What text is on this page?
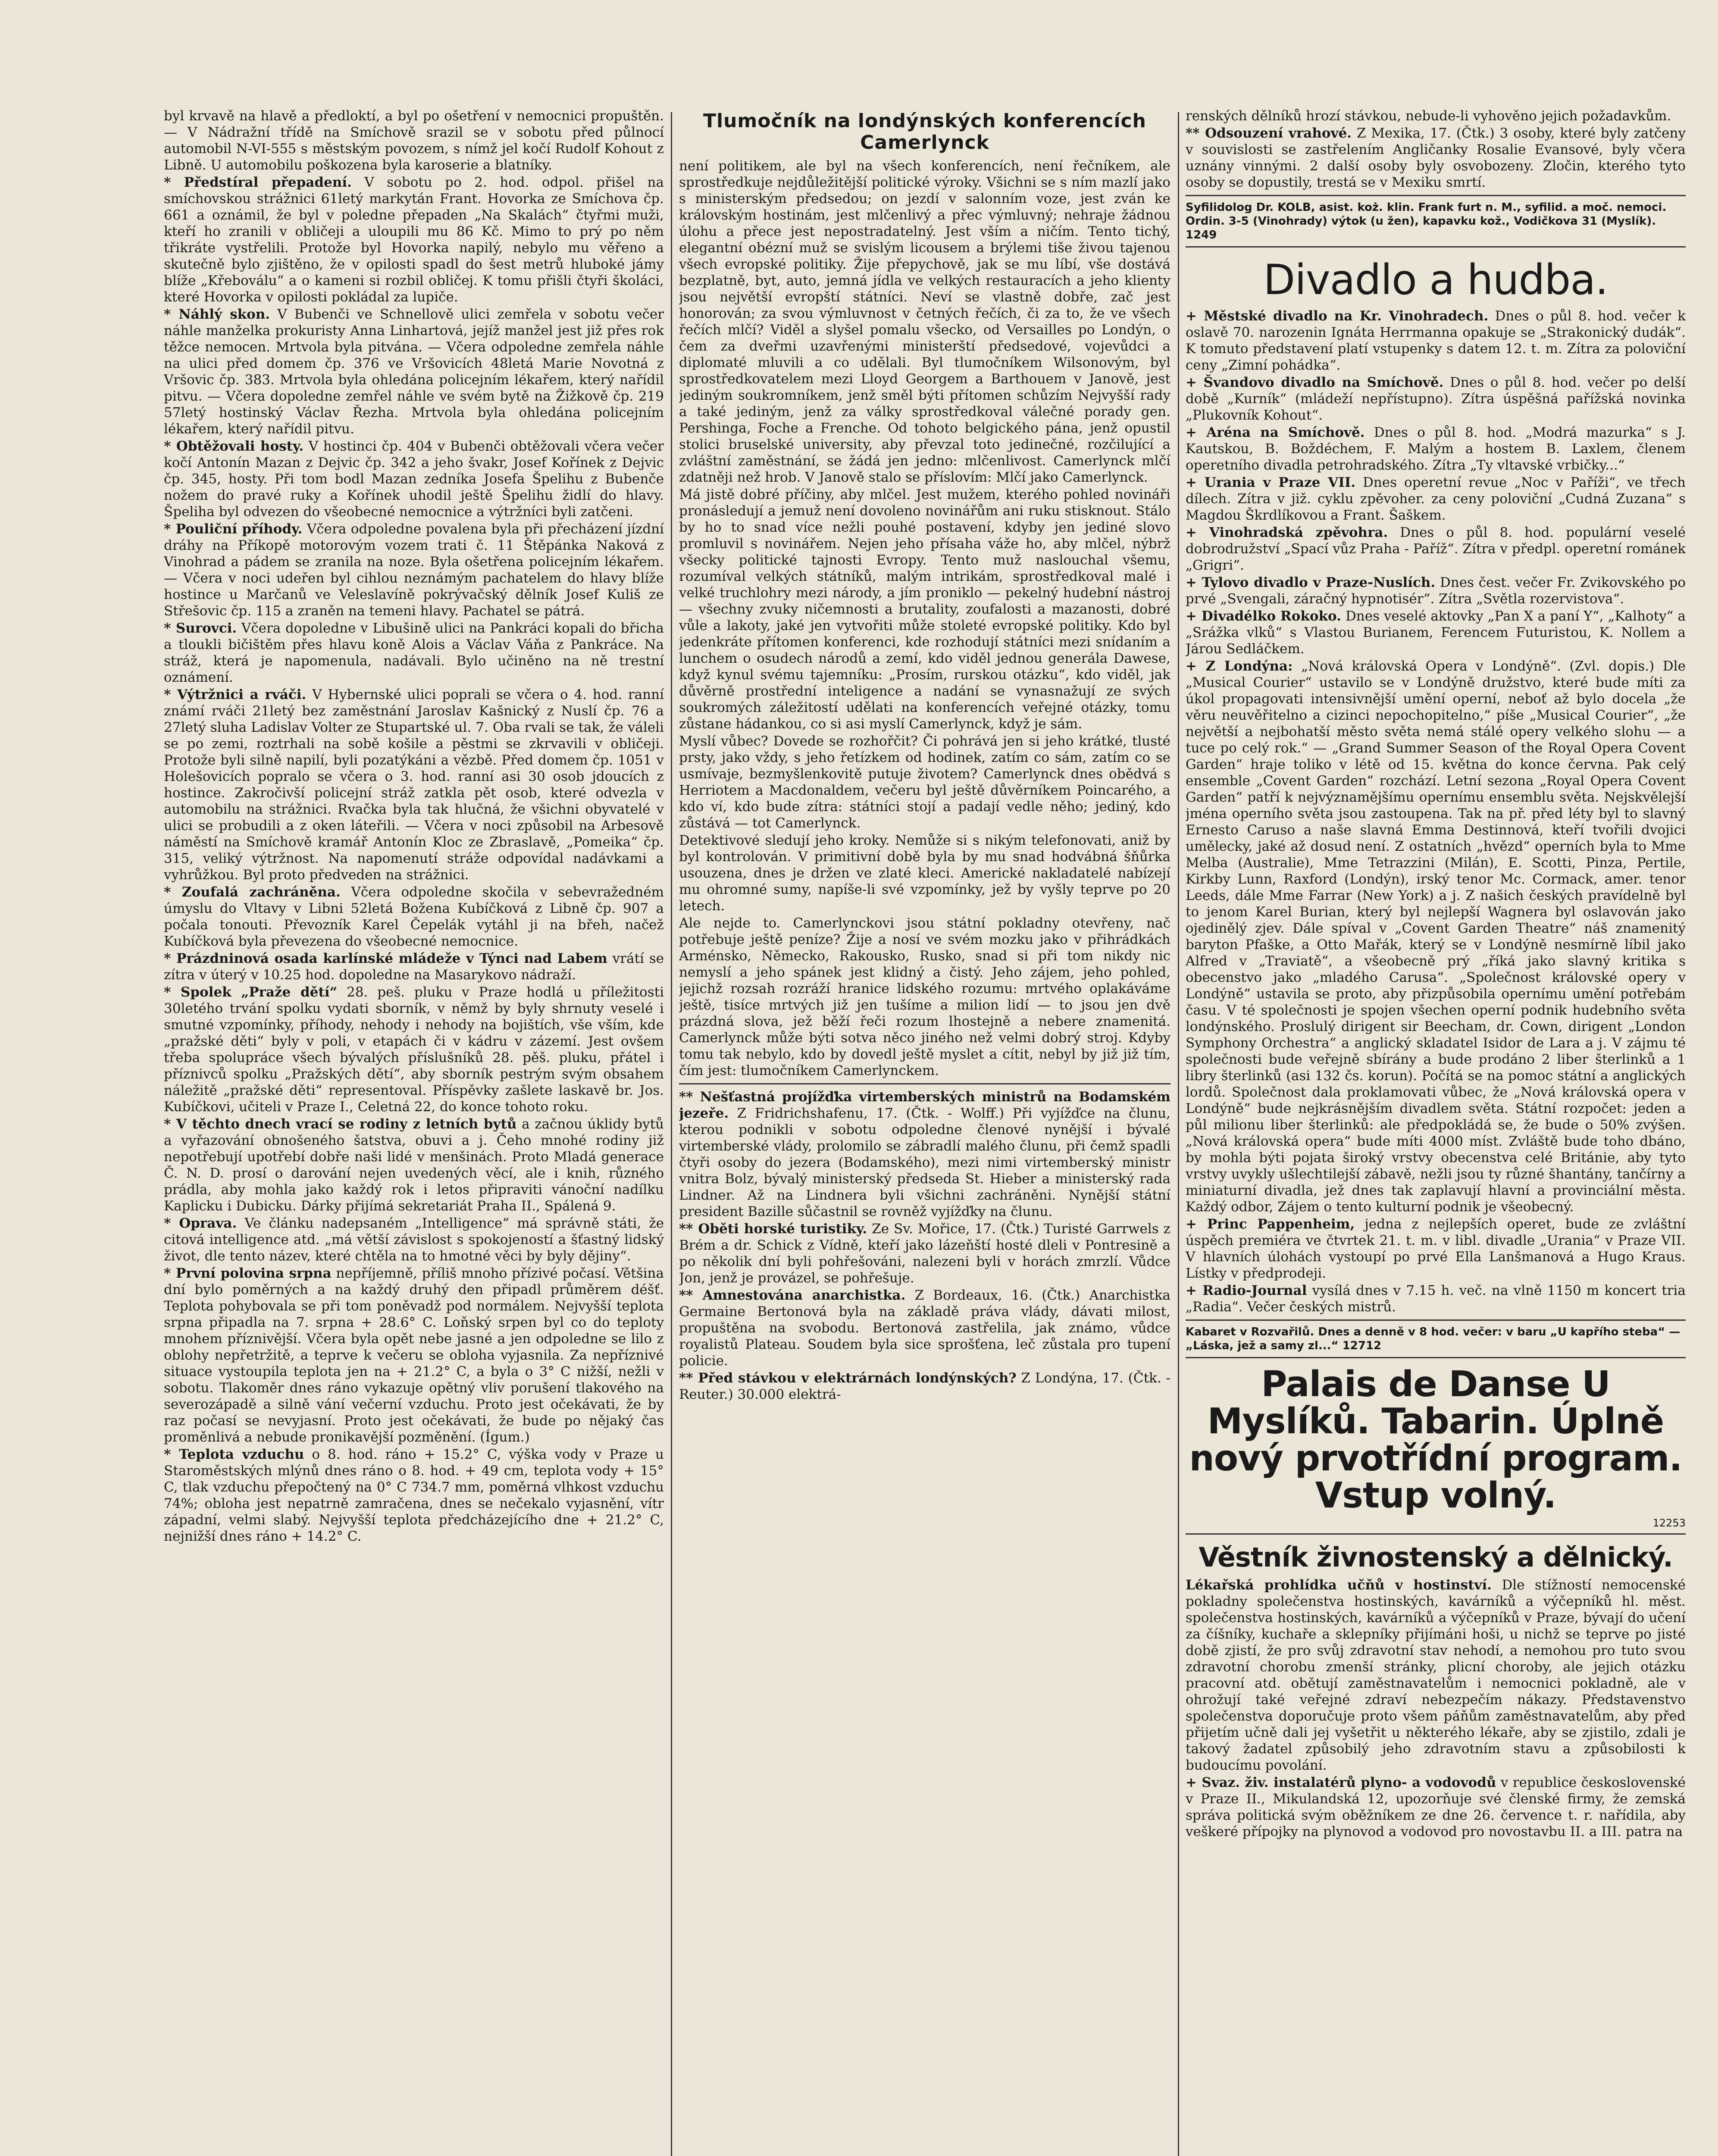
byl krvavě na hlavě a předloktí, a byl po ošetření v nemocnici propuštěn. — V Nádražní třídě na Smíchově srazil se v sobotu před půlnocí automobil N-VI-555 s městským povozem, s nímž jel kočí Rudolf Kohout z Libně. U automobilu poškozena byla karoserie a blatníky.

* Předstíral přepadení. V sobotu po 2. hod. odpol. přišel na smíchovskou strážnici 61letý markytán Frant. Hovorka ze Smíchova čp. 661 a oznámil, že byl v poledne přepaden „Na Skalách“ čtyřmi muži, kteří ho zranili v obličeji a uloupili mu 86 Kč. Mimo to prý po něm třikráte vystřelili. Protože byl Hovorka napilý, nebylo mu věřeno a skutečně bylo zjištěno, že v opilosti spadl do šest metrů hluboké jámy blíže „Křeboválu“ a o kameni si rozbil obličej. K tomu přišli čtyři školáci, které Hovorka v opilosti pokládal za lupiče.

* Náhlý skon. V Bubenči ve Schnellově ulici zemřela v sobotu večer náhle manželka prokuristy Anna Linhartová, jejíž manžel jest již přes rok těžce nemocen. Mrtvola byla pitvána. — Včera odpoledne zemřela náhle na ulici před domem čp. 376 ve Vršovicích 48letá Marie Novotná z Vršovic čp. 383. Mrtvola byla ohledána policejním lékařem, který nařídil pitvu. — Včera dopoledne zemřel náhle ve svém bytě na Žižkově čp. 219 57letý hostinský Václav Řezha. Mrtvola byla ohledána policejním lékařem, který nařídil pitvu.

* Obtěžovali hosty. V hostinci čp. 404 v Bubenči obtěžovali včera večer kočí Antonín Mazan z Dejvic čp. 342 a jeho švakr, Josef Kořínek z Dejvic čp. 345, hosty. Při tom bodl Mazan zedníka Josefa Špelihu z Bubenče nožem do pravé ruky a Kořínek uhodil ještě Špelihu židlí do hlavy. Špeliha byl odvezen do všeobecné nemocnice a výtržníci byli zatčeni.

* Pouliční příhody. Včera odpoledne povalena byla při přecházení jízdní dráhy na Příkopě motorovým vozem trati č. 11 Štěpánka Naková z Vinohrad a pádem se zranila na noze. Byla ošetřena policejním lékařem. — Včera v noci udeřen byl cihlou neznámým pachatelem do hlavy blíže hostince u Marčanů ve Veleslavíně pokrývačský dělník Josef Kuliš ze Střešovic čp. 115 a zraněn na temeni hlavy. Pachatel se pátrá.

* Surovci. Včera dopoledne v Libušině ulici na Pankráci kopali do břicha a tloukli bičištěm přes hlavu koně Alois a Václav Váňa z Pankráce. Na stráž, která je napomenula, nadávali. Bylo učiněno na ně trestní oznámení.

* Výtržnici a rváči. V Hybernské ulici poprali se včera o 4. hod. ranní známí rváči 21letý bez zaměstnání Jaroslav Kašnický z Nuslí čp. 76 a 27letý sluha Ladislav Volter ze Stupartské ul. 7. Oba rvali se tak, že váleli se po zemi, roztrhali na sobě košile a pěstmi se zkrvavili v obličeji. Protože byli silně napilí, byli pozatýkáni a vězbě. Před domem čp. 1051 v Holešovicích popralo se včera o 3. hod. ranní asi 30 osob jdoucích z hostince. Zakročivší policejní stráž zatkla pět osob, které odvezla v automobilu na strážnici. Rvačka byla tak hlučná, že všichni obyvatelé v ulici se probudili a z oken láteřili. — Včera v noci způsobil na Arbesově náměstí na Smíchově kramář Antonín Kloc ze Zbraslavě, „Pomeika“ čp. 315, veliký výtržnost. Na napomenutí stráže odpovídal nadávkami a vyhrůžkou. Byl proto předveden na strážnici.

* Zoufalá zachráněna. Včera odpoledne skočila v sebevražedném úmyslu do Vltavy v Libni 52letá Božena Kubíčková z Libně čp. 907 a počala tonouti. Převozník Karel Čepelák vytáhl ji na břeh, načež Kubíčková byla převezena do všeobecné nemocnice.

* Prázdninová osada karlínské mládeže v Týnci nad Labem vrátí se zítra v úterý v 10.25 hod. dopoledne na Masarykovo nádraží.

* Spolek „Praže dětí“ 28. peš. pluku v Praze hodlá u příležitosti 30letého trvání spolku vydati sborník, v němž by byly shrnuty veselé i smutné vzpomínky, příhody, nehody i nehody na bojištích, vše vším, kde „pražské děti“ byly v poli, v etapách či v kádru v zázemí. Jest ovšem třeba spolupráce všech bývalých příslušníků 28. pěš. pluku, přátel i příznivců spolku „Pražských dětí“, aby sborník pestrým svým obsahem náležitě „pražské děti“ representoval. Příspěvky zašlete laskavě br. Jos. Kubíčkovi, učiteli v Praze I., Celetná 22, do konce tohoto roku.

* V těchto dnech vrací se rodiny z letních bytů a začnou úklidy bytů a vyřazování obnošeného šatstva, obuvi a j. Čeho mnohé rodiny již nepotřebují upotřebí dobře naši lidé v menšinách. Proto Mladá generace Č. N. D. prosí o darování nejen uvedených věcí, ale i knih, různého prádla, aby mohla jako každý rok i letos připraviti vánoční nadílku Kaplicku i Dubicku. Dárky přijímá sekretariát Praha II., Spálená 9.

* Oprava. Ve článku nadepsaném „Intelligence“ má správně státi, že citová intelligence atd. „má větší závislost s spokojeností a šťastný lidský život, dle tento název, které chtěla na to hmotné věci by byly dějiny“.

* První polovina srpna nepříjemně, příliš mnoho přízivé počasí. Většina dní bylo poměrných a na každý druhý den připadl průměrem déšť. Teplota pohybovala se při tom poněvadž pod normálem. Nejvyšší teplota srpna připadla na 7. srpna + 28.6° C. Loňský srpen byl co do teploty mnohem příznivější. Včera byla opět nebe jasné a jen odpoledne se lilo z oblohy nepřetržitě, a teprve k večeru se obloha vyjasnila. Za nepříznivé situace vystoupila teplota jen na + 21.2° C, a byla o 3° C nižší, nežli v sobotu. Tlakoměr dnes ráno vykazuje opětný vliv porušení tlakového na severozápadě a silně vání večerní vzduchu. Proto jest očekávati, že by raz počasí se nevyjasní. Proto jest očekávati, že bude po nějaký čas proměnlivá a nebude pronikavější pozměnění. (Ígum.)

* Teplota vzduchu o 8. hod. ráno + 15.2° C, výška vody v Praze u Staroměstských mlýnů dnes ráno o 8. hod. + 49 cm, teplota vody + 15° C, tlak vzduchu přepočtený na 0° C 734.7 mm, poměrná vlhkost vzduchu 74%; obloha jest nepatrně zamračena, dnes se nečekalo vyjasnění, vítr západní, velmi slabý. Nejvyšší teplota předcházejícího dne + 21.2° C, nejnižší dnes ráno + 14.2° C.

Tlumočník na londýnských konferencích Camerlynck

není politikem, ale byl na všech konferencích, není řečníkem, ale sprostředkuje nejdůležitější politické výroky. Všichni se s ním mazlí jako s ministerským předsedou; on jezdí v salonním voze, jest zván ke královským hostinám, jest mlčenlivý a přec výmluvný; nehraje žádnou úlohu a přece jest nepostradatelný. Jest vším a ničím. Tento tichý, elegantní obézní muž se svislým licousem a brýlemi tiše živou tajenou všech evropské politiky. Žije přepychově, jak se mu líbí, vše dostává bezplatně, byt, auto, jemná jídla ve velkých restauracích a jeho klienty jsou největší evropští státníci. Neví se vlastně dobře, zač jest honorován; za svou výmluvnost v četných řečích, či za to, že ve všech řečích mlčí? Viděl a slyšel pomalu všecko, od Versailles po Londýn, o čem za dveřmi uzavřenými ministerští předsedové, vojevůdci a diplomaté mluvili a co udělali. Byl tlumočníkem Wilsonovým, byl sprostředkovatelem mezi Lloyd Georgem a Barthouem v Janově, jest jediným soukromníkem, jenž směl býti přítomen schůzím Nejvyšší rady a také jediným, jenž za války sprostředkoval válečné porady gen. Pershinga, Foche a Frenche. Od tohoto belgického pána, jenž opustil stolici bruselské university, aby převzal toto jedinečné, rozčilující a zvláštní zaměstnání, se žádá jen jedno: mlčenlivost. Camerlynck mlčí zdatněji než hrob. V Janově stalo se příslovím: Mlčí jako Camerlynck.

Má jistě dobré příčiny, aby mlčel. Jest mužem, kterého pohled novináři pronásledují a jemuž není dovoleno novinářům ani ruku stisknout. Stálo by ho to snad více nežli pouhé postavení, kdyby jen jediné slovo promluvil s novinářem. Nejen jeho přísaha váže ho, aby mlčel, nýbrž všecky politické tajnosti Evropy. Tento muž naslouchal všemu, rozumíval velkých státníků, malým intrikám, sprostředkoval malé i velké truchlohry mezi národy, a jím proniklo — pekelný hudební nástroj — všechny zvuky ničemnosti a brutality, zoufalosti a mazanosti, dobré vůle a lakoty, jaké jen vytvořiti může stoleté evropské politiky. Kdo byl jedenkráte přítomen konferenci, kde rozhodují státníci mezi snídaním a lunchem o osudech národů a zemí, kdo viděl jednou generála Dawese, když kynul svému tajemníku: „Prosím, rurskou otázku“, kdo viděl, jak důvěrně prostřední inteligence a nadání se vynasnažují ze svých soukromých záležitostí udělati na konferencích veřejné otázky, tomu zůstane hádankou, co si asi myslí Camerlynck, když je sám.

Myslí vůbec? Dovede se rozhořčit? Či pohrává jen si jeho krátké, tlusté prsty, jako vždy, s jeho řetízkem od hodinek, zatím co sám, zatím co se usmívaje, bezmyšlenkovitě putuje životem? Camerlynck dnes obědvá s Herriotem a Macdonaldem, večeru byl ještě důvěrníkem Poincarého, a kdo ví, kdo bude zítra: státníci stojí a padají vedle něho; jediný, kdo zůstává — tot Camerlynck.

Detektivové sledují jeho kroky. Nemůže si s nikým telefonovati, aniž by byl kontrolován. V primitivní době byla by mu snad hodvábná šňůrka usouzena, dnes je držen ve zlaté kleci. Americké nakladatelé nabízejí mu ohromné sumy, napíše-li své vzpomínky, jež by vyšly teprve po 20 letech.

Ale nejde to. Camerlynckovi jsou státní pokladny otevřeny, nač potřebuje ještě peníze? Žije a nosí ve svém mozku jako v přihrádkách Arménsko, Německo, Rakousko, Rusko, snad si při tom nikdy nic nemyslí a jeho spánek jest klidný a čistý. Jeho zájem, jeho pohled, jejichž rozsah rozráží hranice lidského rozumu: mrtvého oplakáváme ještě, tisíce mrtvých již jen tušíme a milion lidí — to jsou jen dvě prázdná slova, jež běží řeči rozum lhostejně a nebere znamenitá. Camerlynck může býti sotva něco jiného než velmi dobrý stroj. Kdyby tomu tak nebylo, kdo by dovedl ještě myslet a cítit, nebyl by již již tím, čím jest: tlumočníkem Camerlynckem.

** Nešťastná projížďka virtemberských ministrů na Bodamském jezeře. Z Fridrichshafenu, 17. (Čtk. - Wolff.) Při vyjížďce na člunu, kterou podnikli v sobotu odpoledne členové nynější i bývalé virtemberské vlády, prolomilo se zábradlí malého člunu, při čemž spadli čtyři osoby do jezera (Bodamského), mezi nimi virtemberský ministr vnitra Bolz, bývalý ministerský předseda St. Hieber a ministerský rada Lindner. Až na Lindnera byli všichni zachráněni. Nynější státní president Bazille sůčastnil se rovněž vyjížďky na člunu.

** Oběti horské turistiky. Ze Sv. Mořice, 17. (Čtk.) Turisté Garrwels z Brém a dr. Schick z Vídně, kteří jako lázeňští hosté dleli v Pontresině a po několik dní byli pohřešováni, nalezeni byli v horách zmrzlí. Vůdce Jon, jenž je provázel, se pohřešuje.

** Amnestována anarchistka. Z Bordeaux, 16. (Čtk.) Anarchistka Germaine Bertonová byla na základě práva vlády, dávati milost, propuštěna na svobodu. Bertonová zastřelila, jak známo, vůdce royalistů Plateau. Soudem byla sice sprošťena, leč zůstala pro tupení policie.

** Před stávkou v elektrárnách londýnských? Z Londýna, 17. (Čtk. - Reuter.) 30.000 elektrá-

renských dělníků hrozí stávkou, nebude-li vyhověno jejich požadavkům.

** Odsouzení vrahové. Z Mexika, 17. (Čtk.) 3 osoby, které byly zatčeny v souvislosti se zastřelením Angličanky Rosalie Evansové, byly včera uznány vinnými. 2 další osoby byly osvobozeny. Zločin, kterého tyto osoby se dopustily, trestá se v Mexiku smrtí.

Syfilidolog Dr. KOLB, asist. koż. klin. Frank furt n. M., syfilid. a moč. nemoci. Ordin. 3-5 (Vinohrady) výtok (u žen), kapavku kož., Vodičkova 31 (Myslík). 1249
Divadlo a hudba.

+ Městské divadlo na Kr. Vinohradech. Dnes o půl 8. hod. večer k oslavě 70. narozenin Ignáta Herrmanna opakuje se „Strakonický dudák“. K tomuto představení platí vstupenky s datem 12. t. m. Zítra za poloviční ceny „Zimní pohádka“.

+ Švandovo divadlo na Smíchově. Dnes o půl 8. hod. večer po delší době „Kurník“ (mládeží nepřístupno). Zítra úspěšná pařížská novinka „Plukovník Kohout“.

+ Aréna na Smíchově. Dnes o půl 8. hod. „Modrá mazurka“ s J. Kautskou, B. Boždéchem, F. Malým a hostem B. Laxlem, členem operetního divadla petrohradského. Zítra „Ty vltavské vrbičky...“

+ Urania v Praze VII. Dnes operetní revue „Noc v Paříži“, ve třech dílech. Zítra v již. cyklu zpěvoher. za ceny poloviční „Cudná Zuzana“ s Magdou Škrdlíkovou a Frant. Šaškem.

+ Vinohradská zpěvohra. Dnes o půl 8. hod. populární veselé dobrodružství „Spací vůz Praha - Paříž“. Zítra v předpl. operetní románek „Grigri“.

+ Tylovo divadlo v Praze-Nuslích. Dnes čest. večer Fr. Zvikovského po prvé „Svengali, záračný hypnotisér“. Zítra „Světla rozervistova“.

+ Divadélko Rokoko. Dnes veselé aktovky „Pan X a paní Y“, „Kalhoty“ a „Srážka vlků“ s Vlastou Burianem, Ferencem Futuristou, K. Nollem a Járou Sedláčkem.

+ Z Londýna: „Nová královská Opera v Londýně“. (Zvl. dopis.) Dle „Musical Courier“ ustavilo se v Londýně družstvo, které bude míti za úkol propagovati intensivnější umění operní, neboť až bylo docela „že věru neuvěřitelno a cizinci nepochopitelno,“ píše „Musical Courier“, „že největší a nejbohatší město světa nemá stálé opery velkého slohu — a tuce po celý rok.“ — „Grand Summer Season of the Royal Opera Covent Garden“ hraje toliko v létě od 15. května do konce června. Pak celý ensemble „Covent Garden“ rozchází. Letní sezona „Royal Opera Covent Garden“ patří k nejvýznamějšímu opernímu ensemblu světa. Nejskvělejší jména operního světa jsou zastoupena. Tak na př. před léty byl to slavný Ernesto Caruso a naše slavná Emma Destinnová, kteří tvořili dvojici umělecky, jaké až dosud není. Z ostatních „hvězd“ operních byla to Mme Melba (Australie), Mme Tetrazzini (Milán), E. Scotti, Pinza, Pertile, Kirkby Lunn, Raxford (Londýn), irský tenor Mc. Cormack, amer. tenor Leeds, dále Mme Farrar (New York) a j. Z našich českých pravídelně byl to jenom Karel Burian, který byl nejlepší Wagnera byl oslavován jako ojedinělý zjev. Dále spíval v „Covent Garden Theatre“ náš znamenitý baryton Pfaške, a Otto Mařák, který se v Londýně nesmírně líbil jako Alfred v „Traviatě“, a všeobecně prý „říká jako slavný kritika s obecenstvo jako „mladého Carusa“. „Společnost královské opery v Londýně“ ustavila se proto, aby přizpůsobila opernímu umění potřebám času. V té společnosti je spojen všechen operní podnik hudebního světa londýnského. Proslulý dirigent sir Beecham, dr. Cown, dirigent „London Symphony Orchestra“ a anglický skladatel Isidor de Lara a j. V zájmu té společnosti bude veřejně sbírány a bude prodáno 2 liber šterlinků a 1 libry šterlinků (asi 132 čs. korun). Počítá se na pomoc státní a anglických lordů. Společnost dala proklamovati vůbec, že „Nová královská opera v Londýně“ bude nejkrásnějším divadlem světa. Státní rozpočet: jeden a půl milionu liber šterlinků: ale předpokládá se, že bude o 50% zvýšen. „Nová královská opera“ bude míti 4000 míst. Zvláště bude toho dbáno, by mohla býti pojata široký vrstvy obecenstva celé Británie, aby tyto vrstvy uvykly ušlechtilejší zábavě, nežli jsou ty různé šhantány, tančírny a miniaturní divadla, jež dnes tak zaplavují hlavní a provinciální města. Každý odbor, Zájem o tento kulturní podnik je všeobecný.

+ Princ Pappenheim, jedna z nejlepších operet, bude ze zvláštní úspěch premiéra ve čtvrtek 21. t. m. v libl. divadle „Urania“ v Praze VII. V hlavních úlohách vystoupí po prvé Ella Lanšmanová a Hugo Kraus. Lístky v předprodeji.

+ Radio-Journal vysílá dnes v 7.15 h. več. na vlně 1150 m koncert tria „Radia“. Večer českých mistrů.

Kabaret v Rozvařilů. Dnes a denně v 8 hod. večer: v baru „U kapřího steba“ — „Láska, jež a samy zl...“ 12712
Palais de Danse U Myslíků. Tabarin. Úplně nový prvotřídní program. Vstup volný.
12253
Věstník živnostenský a dělnický.

Lékařská prohlídka učňů v hostinství. Dle stížností nemocenské pokladny společenstva hostinských, kavárníků a výčepníků hl. měst. společenstva hostinských, kavárníků a výčepníků v Praze, bývají do učení za číšníky, kuchaře a sklepníky přijímáni hoši, u nichž se teprve po jisté době zjistí, že pro svůj zdravotní stav nehodí, a nemohou pro tuto svou zdravotní chorobu zmenší stránky, plicní choroby, ale jejich otázku pracovní atd. obětují zaměstnavatelům i nemocnici pokladně, ale v ohrožují také veřejné zdraví nebezpečím nákazy. Představenstvo společenstva doporučuje proto všem páňům zaměstnavatelům, aby před přijetím učně dali jej vyšetřit u některého lékaře, aby se zjistilo, zdali je takový žadatel způsobilý jeho zdravotním stavu a způsobilosti k budoucímu povolání.

+ Svaz. živ. instalatérů plyno- a vodovodů v republice československé v Praze II., Mikulandská 12, upozorňuje své členské firmy, že zemská správa politická svým oběžníkem ze dne 26. července t. r. nařídila, aby veškeré přípojky na plynovod a vodovod pro novostavbu II. a III. patra na
